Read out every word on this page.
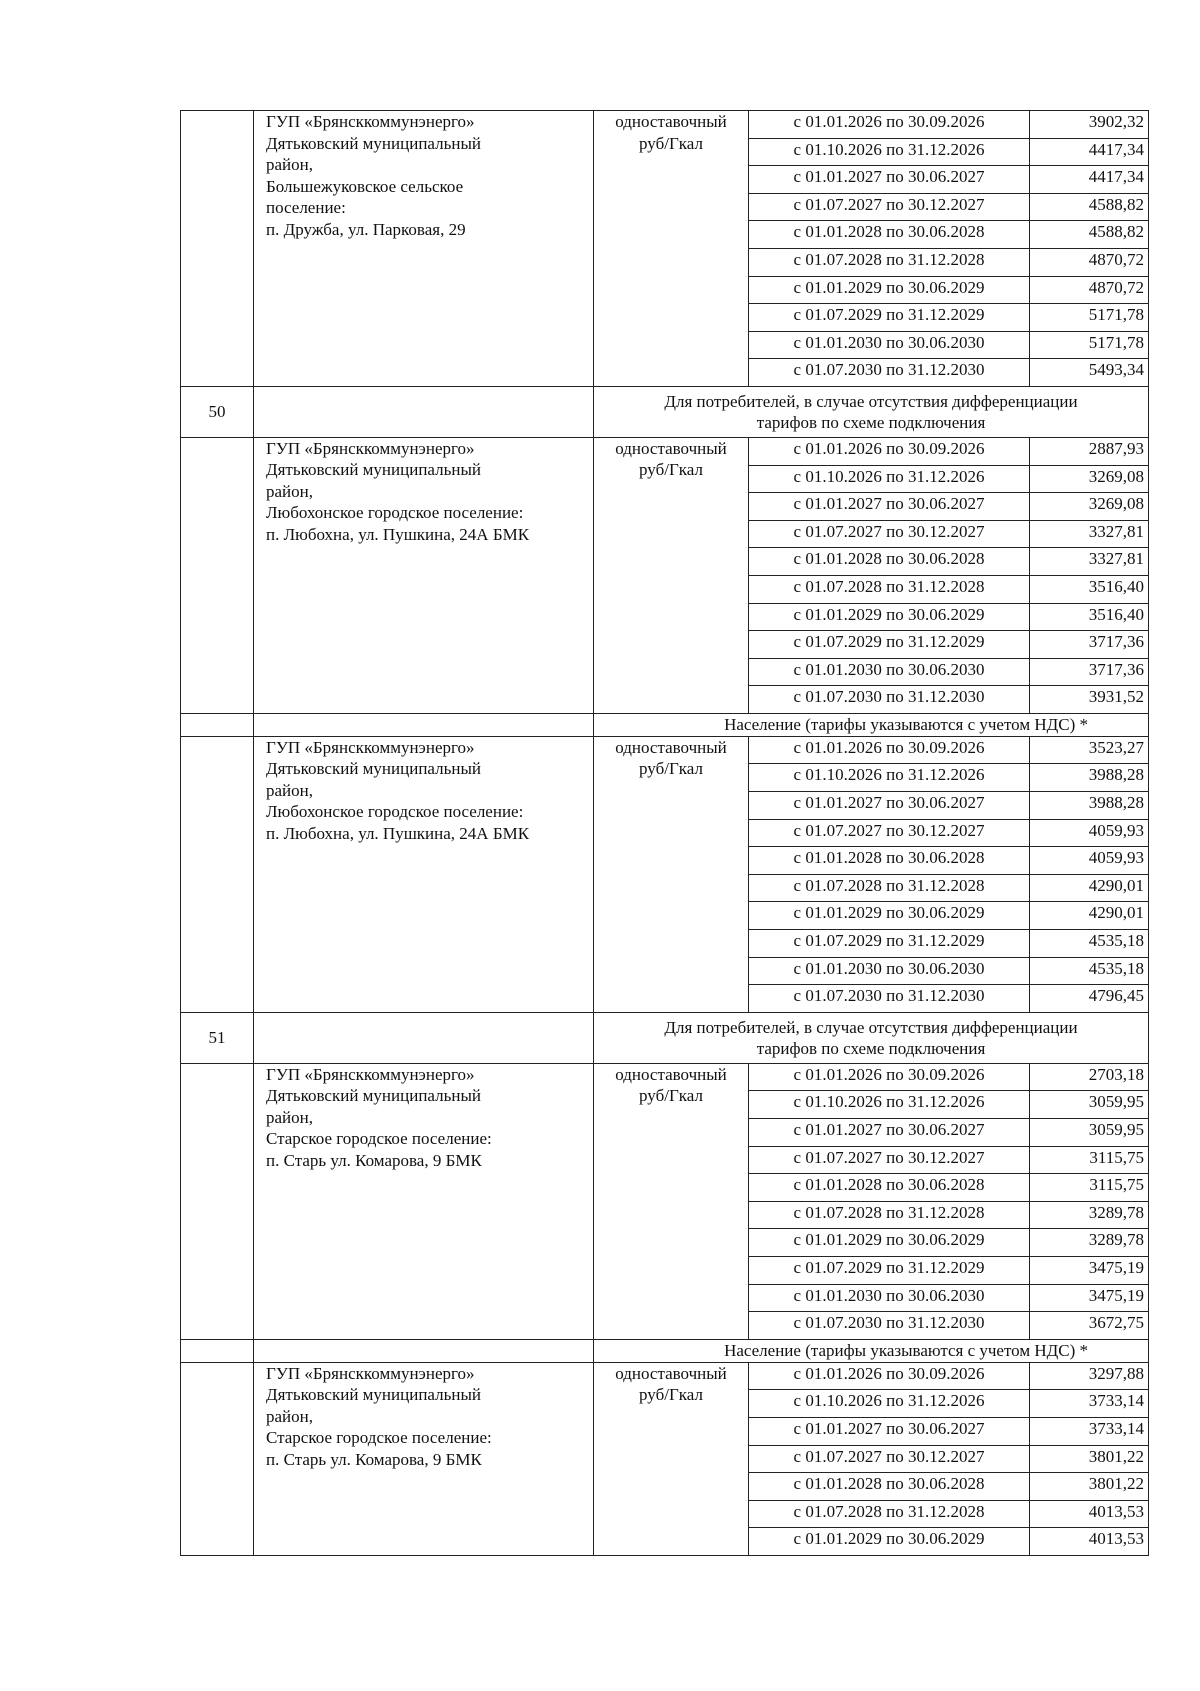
ГУП «Брянсккоммунэнерго»
Дятьковский муниципальный
район,
Большежуковское сельское
поселение:
п. Дружба, ул. Парковая, 29

одноставочный
руб/Гкал

с 01.01.2026 по 30.09.2026	3902,32
с 01.10.2026 по 31.12.2026	4417,34
с 01.01.2027 по 30.06.2027	4417,34
с 01.07.2027 по 30.12.2027	4588,82
с 01.01.2028 по 30.06.2028	4588,82
с 01.07.2028 по 31.12.2028	4870,72
с 01.01.2029 по 30.06.2029	4870,72
с 01.07.2029 по 31.12.2029	5171,78
с 01.01.2030 по 30.06.2030	5171,78
с 01.07.2030 по 31.12.2030	5493,34

50		
Для потребителей, в случае отсутствия дифференциации
тарифов по схеме подключения

ГУП «Брянсккоммунэнерго»
Дятьковский муниципальный
район,
Любохонское городское поселение:
п. Любохна, ул. Пушкина, 24А БМК

одноставочный
руб/Гкал

с 01.01.2026 по 30.09.2026	2887,93
с 01.10.2026 по 31.12.2026	3269,08
с 01.01.2027 по 30.06.2027	3269,08
с 01.07.2027 по 30.12.2027	3327,81
с 01.01.2028 по 30.06.2028	3327,81
с 01.07.2028 по 31.12.2028	3516,40
с 01.01.2029 по 30.06.2029	3516,40
с 01.07.2029 по 31.12.2029	3717,36
с 01.01.2030 по 30.06.2030	3717,36
с 01.07.2030 по 31.12.2030	3931,52

		Население (тарифы указываются с учетом НДС) *

ГУП «Брянсккоммунэнерго»
Дятьковский муниципальный
район,
Любохонское городское поселение:
п. Любохна, ул. Пушкина, 24А БМК

одноставочный
руб/Гкал

с 01.01.2026 по 30.09.2026	3523,27
с 01.10.2026 по 31.12.2026	3988,28
с 01.01.2027 по 30.06.2027	3988,28
с 01.07.2027 по 30.12.2027	4059,93
с 01.01.2028 по 30.06.2028	4059,93
с 01.07.2028 по 31.12.2028	4290,01
с 01.01.2029 по 30.06.2029	4290,01
с 01.07.2029 по 31.12.2029	4535,18
с 01.01.2030 по 30.06.2030	4535,18
с 01.07.2030 по 31.12.2030	4796,45

51		
Для потребителей, в случае отсутствия дифференциации
тарифов по схеме подключения

ГУП «Брянсккоммунэнерго»
Дятьковский муниципальный
район,
Старское городское поселение:
п. Старь ул. Комарова, 9 БМК

одноставочный
руб/Гкал

с 01.01.2026 по 30.09.2026	2703,18
с 01.10.2026 по 31.12.2026	3059,95
с 01.01.2027 по 30.06.2027	3059,95
с 01.07.2027 по 30.12.2027	3115,75
с 01.01.2028 по 30.06.2028	3115,75
с 01.07.2028 по 31.12.2028	3289,78
с 01.01.2029 по 30.06.2029	3289,78
с 01.07.2029 по 31.12.2029	3475,19
с 01.01.2030 по 30.06.2030	3475,19
с 01.07.2030 по 31.12.2030	3672,75

		Население (тарифы указываются с учетом НДС) *

ГУП «Брянсккоммунэнерго»
Дятьковский муниципальный
район,
Старское городское поселение:
п. Старь ул. Комарова, 9 БМК

одноставочный
руб/Гкал

с 01.01.2026 по 30.09.2026	3297,88
с 01.10.2026 по 31.12.2026	3733,14
с 01.01.2027 по 30.06.2027	3733,14
с 01.07.2027 по 30.12.2027	3801,22
с 01.01.2028 по 30.06.2028	3801,22
с 01.07.2028 по 31.12.2028	4013,53
с 01.01.2029 по 30.06.2029	4013,53
